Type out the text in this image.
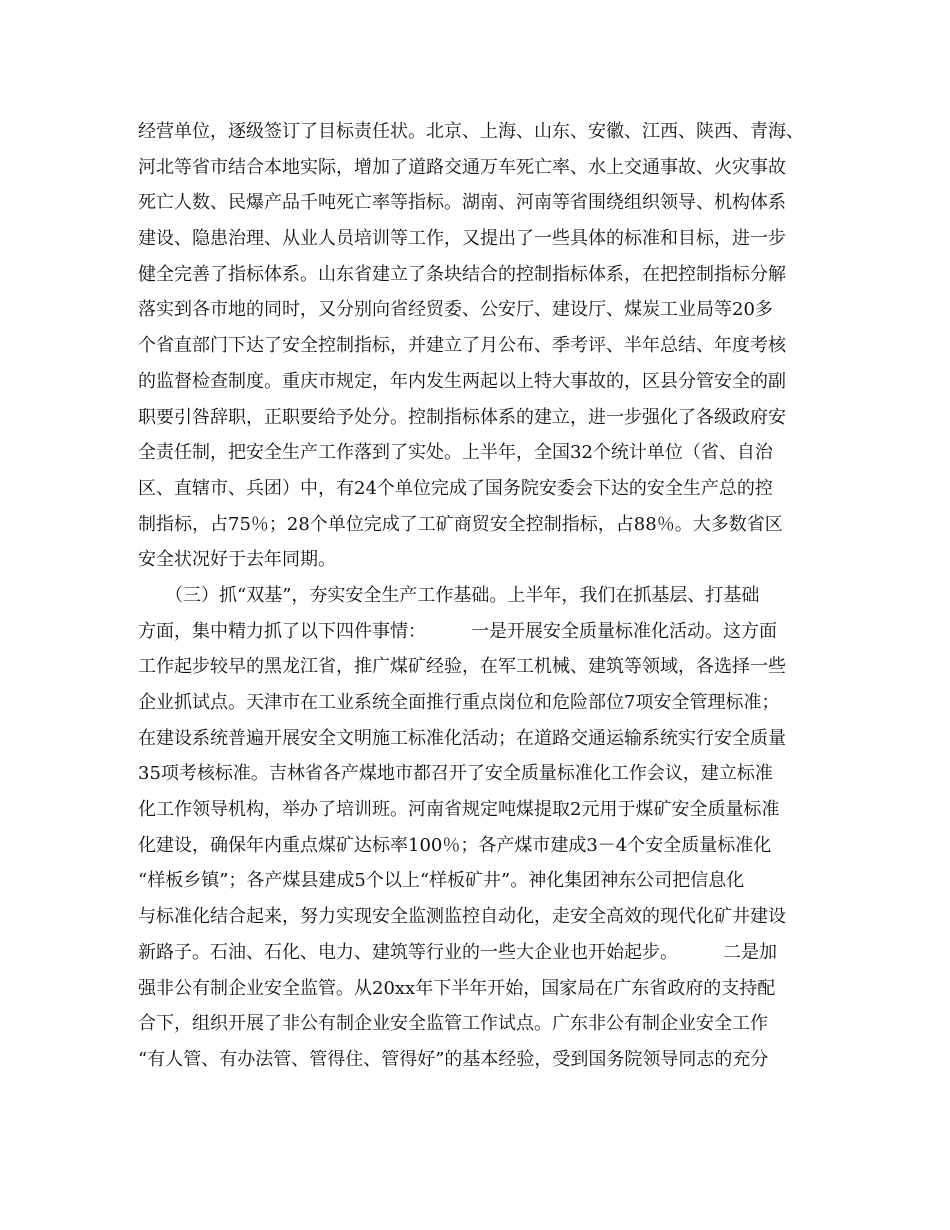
经营单位，逐级签订了目标责任状。北京、上海、山东、安徽、江西、陕西、青海、
河北等省市结合本地实际，增加了道路交通万车死亡率、水上交通事故、火灾事故
死亡人数、民爆产品千吨死亡率等指标。湖南、河南等省围绕组织领导、机构体系
建设、隐患治理、从业人员培训等工作，又提出了一些具体的标准和目标，进一步
健全完善了指标体系。山东省建立了条块结合的控制指标体系，在把控制指标分解
落实到各市地的同时，又分别向省经贸委、公安厅、建设厅、煤炭工业局等20多
个省直部门下达了安全控制指标，并建立了月公布、季考评、半年总结、年度考核
的监督检查制度。重庆市规定，年内发生两起以上特大事故的，区县分管安全的副
职要引咎辞职，正职要给予处分。控制指标体系的建立，进一步强化了各级政府安
全责任制，把安全生产工作落到了实处。上半年，全国32个统计单位（省、自治
区、直辖市、兵团）中，有24个单位完成了国务院安委会下达的安全生产总的控
制指标，占75％；28个单位完成了工矿商贸安全控制指标，占88％。大多数省区
安全状况好于去年同期。
　　（三）抓“双基”，夯实安全生产工作基础。上半年，我们在抓基层、打基础
方面，集中精力抓了以下四件事情：　　　一是开展安全质量标准化活动。这方面
工作起步较早的黑龙江省，推广煤矿经验，在军工机械、建筑等领域，各选择一些
企业抓试点。天津市在工业系统全面推行重点岗位和危险部位7项安全管理标准；
在建设系统普遍开展安全文明施工标准化活动；在道路交通运输系统实行安全质量
35项考核标准。吉林省各产煤地市都召开了安全质量标准化工作会议，建立标准
化工作领导机构，举办了培训班。河南省规定吨煤提取2元用于煤矿安全质量标准
化建设，确保年内重点煤矿达标率100％；各产煤市建成3－4个安全质量标准化
“样板乡镇”；各产煤县建成5个以上“样板矿井”。神化集团神东公司把信息化
与标准化结合起来，努力实现安全监测监控自动化，走安全高效的现代化矿井建设
新路子。石油、石化、电力、建筑等行业的一些大企业也开始起步。　　　二是加
强非公有制企业安全监管。从20xx年下半年开始，国家局在广东省政府的支持配
合下，组织开展了非公有制企业安全监管工作试点。广东非公有制企业安全工作
“有人管、有办法管、管得住、管得好”的基本经验，受到国务院领导同志的充分
